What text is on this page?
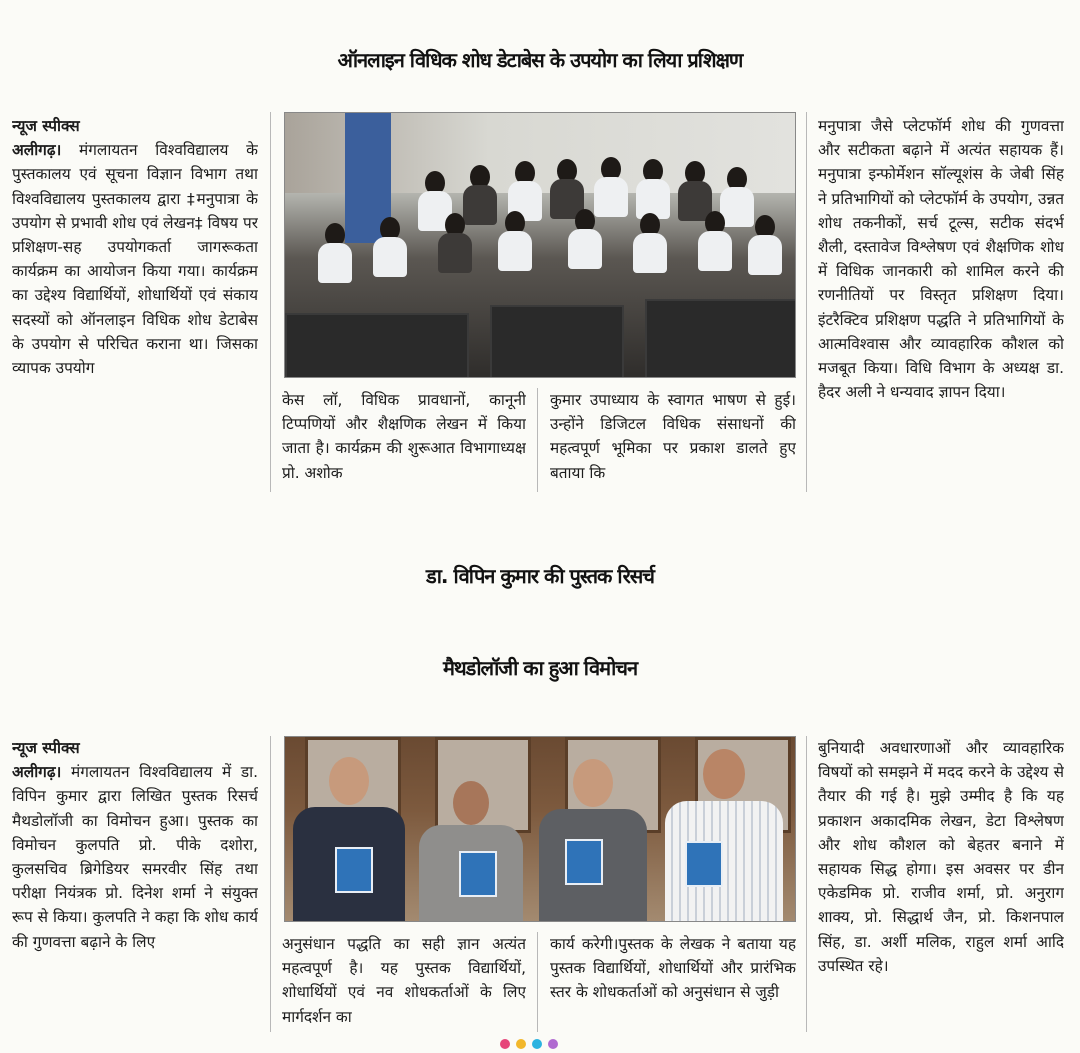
ऑनलाइन विधिक शोध डेटाबेस के उपयोग का लिया प्रशिक्षण
न्यूज स्पीक्स
अलीगढ़। मंगलायतन विश्वविद्यालय के पुस्तकालय एवं सूचना विज्ञान विभाग तथा विश्वविद्यालय पुस्तकालय द्वारा ‡मनुपात्रा के उपयोग से प्रभावी शोध एवं लेखन‡ विषय पर प्रशिक्षण-सह उपयोगकर्ता जागरूकता कार्यक्रम का आयोजन किया गया। कार्यक्रम का उद्देश्य विद्यार्थियों, शोधार्थियों एवं संकाय सदस्यों को ऑनलाइन विधिक शोध डेटाबेस के उपयोग से परिचित कराना था। जिसका व्यापक उपयोग
केस लॉ, विधिक प्रावधानों, कानूनी टिप्पणियों और शैक्षणिक लेखन में किया जाता है। कार्यक्रम की शुरूआत विभागाध्यक्ष प्रो. अशोक
कुमार उपाध्याय के स्वागत भाषण से हुई। उन्होंने डिजिटल विधिक संसाधनों की महत्वपूर्ण भूमिका पर प्रकाश डालते हुए बताया कि
मनुपात्रा जैसे प्लेटफॉर्म शोध की गुणवत्ता और सटीकता बढ़ाने में अत्यंत सहायक हैं। मनुपात्रा इन्फोर्मेशन सॉल्यूशंस के जेबी सिंह ने प्रतिभागियों को प्लेटफॉर्म के उपयोग, उन्नत शोध तकनीकों, सर्च टूल्स, सटीक संदर्भ शैली, दस्तावेज विश्लेषण एवं शैक्षणिक शोध में विधिक जानकारी को शामिल करने की रणनीतियों पर विस्तृत प्रशिक्षण दिया। इंटरैक्टिव प्रशिक्षण पद्धति ने प्रतिभागियों के आत्मविश्वास और व्यावहारिक कौशल को मजबूत किया। विधि विभाग के अध्यक्ष डा. हैदर अली ने धन्यवाद ज्ञापन दिया।
डा. विपिन कुमार की पुस्तक रिसर्च
मैथडोलॉजी का हुआ विमोचन
न्यूज स्पीक्स
अलीगढ़। मंगलायतन विश्वविद्यालय में डा. विपिन कुमार द्वारा लिखित पुस्तक रिसर्च मैथडोलॉजी का विमोचन हुआ। पुस्तक का विमोचन कुलपति प्रो. पीके दशोरा, कुलसचिव ब्रिगेडियर समरवीर सिंह तथा परीक्षा नियंत्रक प्रो. दिनेश शर्मा ने संयुक्त रूप से किया। कुलपति ने कहा कि शोध कार्य की गुणवत्ता बढ़ाने के लिए	अनुसंधान पद्धति का सही ज्ञान अत्यंत महत्वपूर्ण है। यह पुस्तक विद्यार्थियों, शोधार्थियों एवं नव शोधकर्ताओं के लिए मार्गदर्शन का
कार्य करेगी।पुस्तक के लेखक ने बताया यह पुस्तक विद्यार्थियों, शोधार्थियों और प्रारंभिक स्तर के शोधकर्ताओं को अनुसंधान से जुड़ी
बुनियादी अवधारणाओं और व्यावहारिक विषयों को समझने में मदद करने के उद्देश्य से तैयार की गई है। मुझे उम्मीद है कि यह प्रकाशन अकादमिक लेखन, डेटा विश्लेषण और शोध कौशल को बेहतर बनाने में सहायक सिद्ध होगा। इस अवसर पर डीन एकेडमिक प्रो. राजीव शर्मा, प्रो. अनुराग शाक्य, प्रो. सिद्धार्थ जैन, प्रो. किशनपाल सिंह, डा. अर्शी मलिक, राहुल शर्मा आदि उपस्थित रहे।
